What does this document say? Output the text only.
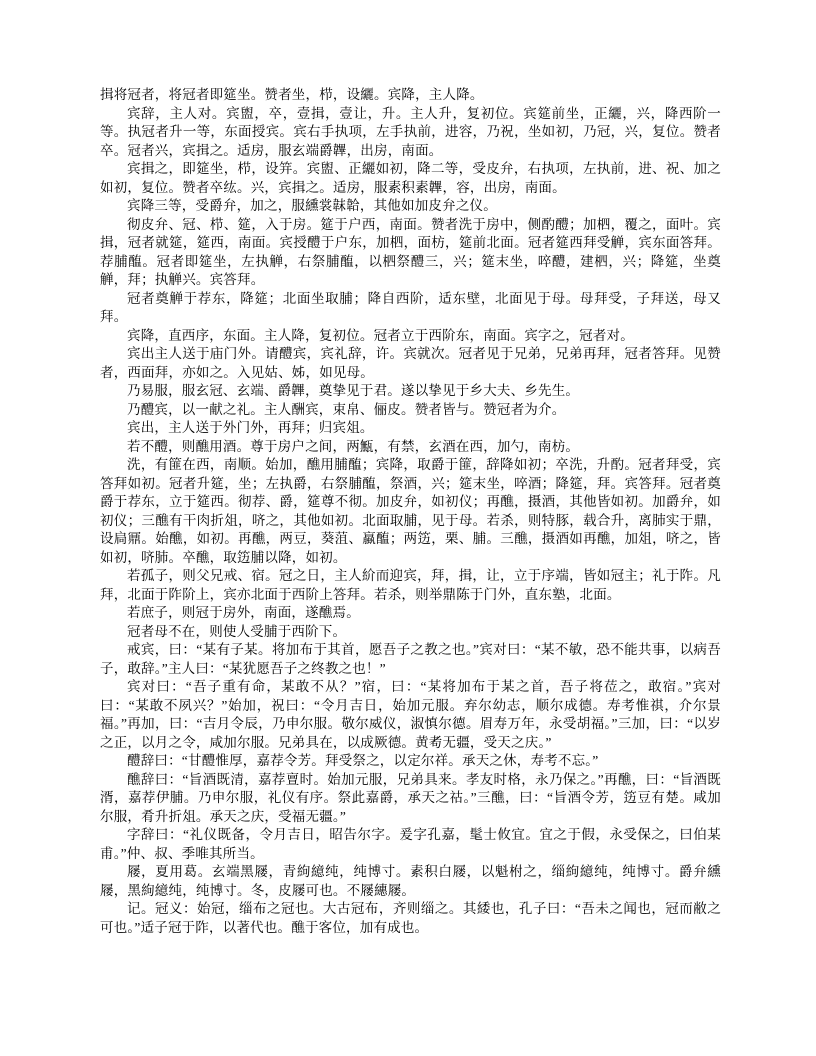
揖将冠者，将冠者即筵坐。赞者坐，栉，设纚。宾降，主人降。

宾辞，主人对。宾盥，卒，壹揖，壹让，升。主人升，复初位。宾筵前坐，正纚，兴，降西阶一等。执冠者升一等，东面授宾。宾右手执项，左手执前，进容，乃祝，坐如初，乃冠，兴，复位。赞者卒。冠者兴，宾揖之。适房，服玄端爵韠，出房，南面。

宾揖之，即筵坐，栉，设笄。宾盥、正纚如初，降二等，受皮弁，右执项，左执前，进、祝、加之如初，复位。赞者卒纮。兴，宾揖之。适房，服素积素韠，容，出房，南面。

宾降三等，受爵弁，加之，服纁裳韎韐，其他如加皮弁之仪。

彻皮弁、冠、栉、筵，入于房。筵于户西，南面。赞者洗于房中，侧酌醴；加柶，覆之，面叶。宾揖，冠者就筵，筵西，南面。宾授醴于户东，加柶，面枋，筵前北面。冠者筵西拜受觯，宾东面答拜。荐脯醢。冠者即筵坐，左执觯，右祭脯醢，以柶祭醴三，兴；筵末坐，啐醴，建柶，兴；降筵，坐奠觯，拜；执觯兴。宾答拜。

冠者奠觯于荐东，降筵；北面坐取脯；降自西阶，适东壁，北面见于母。母拜受，子拜送，母又拜。

宾降，直西序，东面。主人降，复初位。冠者立于西阶东，南面。宾字之，冠者对。

宾出主人送于庙门外。请醴宾，宾礼辞，许。宾就次。冠者见于兄弟，兄弟再拜，冠者答拜。见赞者，西面拜，亦如之。入见姑、姊，如见母。

乃易服，服玄冠、玄端、爵韠，奠挚见于君。遂以挚见于乡大夫、乡先生。

乃醴宾，以一献之礼。主人酬宾，束帛、俪皮。赞者皆与。赞冠者为介。

宾出，主人送于外门外，再拜；归宾俎。

若不醴，则醮用酒。尊于房户之间，两甒，有禁，玄酒在西，加勺，南枋。

洗，有篚在西，南顺。始加，醮用脯醢；宾降，取爵于篚，辞降如初；卒洗，升酌。冠者拜受，宾答拜如初。冠者升筵，坐；左执爵，右祭脯醢，祭酒，兴；筵末坐，啐酒；降筵，拜。宾答拜。冠者奠爵于荐东，立于筵西。彻荐、爵，筵尊不彻。加皮弁，如初仪；再醮，摄酒，其他皆如初。加爵弁，如初仪；三醮有干肉折俎，哜之，其他如初。北面取脯，见于母。若杀，则特豚，载合升，离肺实于鼎，设扃鼏。始醮，如初。再醮，两豆，葵菹、蠃醢；两笾，栗、脯。三醮，摄酒如再醮，加俎，哜之，皆如初，哜肺。卒醮，取笾脯以降，如初。

若孤子，则父兄戒、宿。冠之日，主人紒而迎宾，拜，揖，让，立于序端，皆如冠主；礼于阼。凡拜，北面于阼阶上，宾亦北面于西阶上答拜。若杀，则举鼎陈于门外，直东塾，北面。

若庶子，则冠于房外，南面，遂醮焉。

冠者母不在，则使人受脯于西阶下。

戒宾，曰：“某有子某。将加布于其首，愿吾子之教之也。”宾对曰：“某不敏，恐不能共事，以病吾子，敢辞。”主人曰：“某犹愿吾子之终教之也！”

宾对曰：“吾子重有命，某敢不从？”宿，曰：“某将加布于某之首，吾子将莅之，敢宿。”宾对曰：“某敢不夙兴？”始加，祝曰：“令月吉日，始加元服。弃尔幼志，顺尔成德。寿考惟祺，介尔景福。”再加，曰：“吉月令辰，乃申尔服。敬尔威仪，淑慎尔德。眉寿万年，永受胡福。”三加，曰：“以岁之正，以月之令，咸加尔服。兄弟具在，以成厥德。黄耇无疆，受天之庆。”

醴辞曰：“甘醴惟厚，嘉荐令芳。拜受祭之，以定尔祥。承天之休，寿考不忘。”

醮辞曰：“旨酒既清，嘉荐亶时。始加元服，兄弟具来。孝友时格，永乃保之。”再醮，曰：“旨酒既湑，嘉荐伊脯。乃申尔服，礼仪有序。祭此嘉爵，承天之祜。”三醮，曰：“旨酒令芳，笾豆有楚。咸加尔服，肴升折俎。承天之庆，受福无疆。”

字辞曰：“礼仪既备，令月吉日，昭告尔字。爰字孔嘉，髦士攸宜。宜之于假，永受保之，曰伯某甫。”仲、叔、季唯其所当。

屦，夏用葛。玄端黑屦，青絇繶纯，纯博寸。素积白屦，以魁柎之，缁絇繶纯，纯博寸。爵弁纁屦，黑絇繶纯，纯博寸。冬，皮屦可也。不屦繐屦。

记。冠义：始冠，缁布之冠也。大古冠布，齐则缁之。其緌也，孔子曰：“吾未之闻也，冠而敝之可也。”适子冠于阼，以著代也。醮于客位，加有成也。
